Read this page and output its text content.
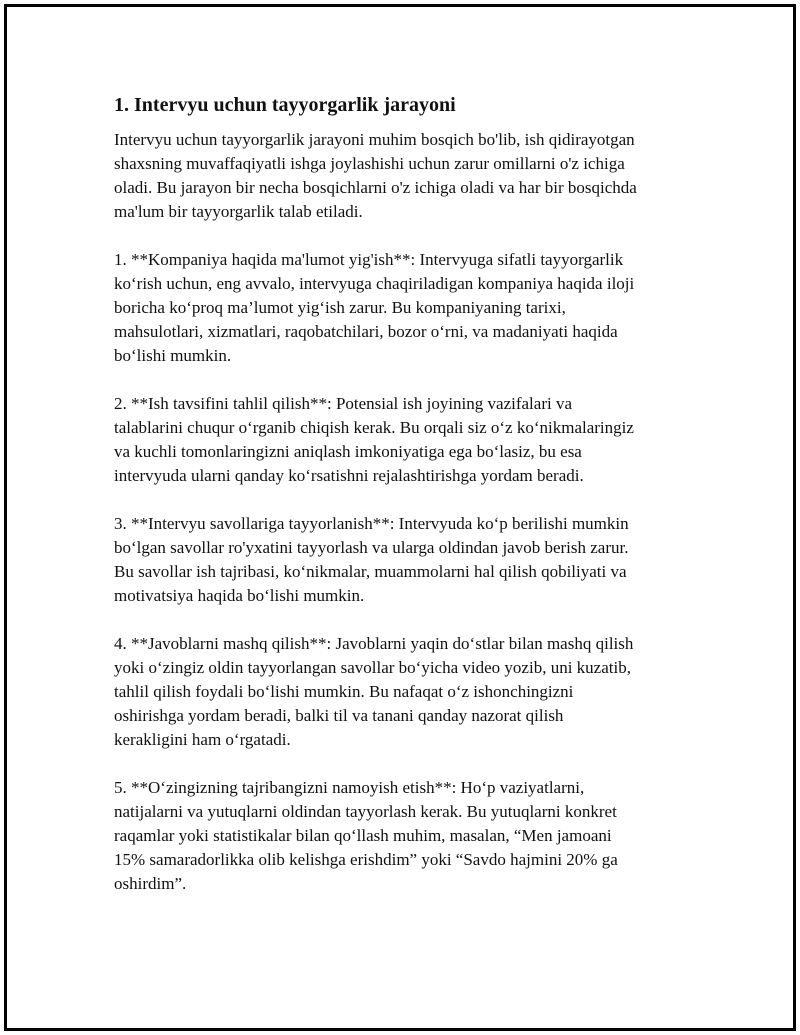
1. Intervyu uchun tayyorgarlik jarayoni
Intervyu uchun tayyorgarlik jarayoni muhim bosqich bo'lib, ish qidirayotgan
shaxsning muvaffaqiyatli ishga joylashishi uchun zarur omillarni o'z ichiga
oladi. Bu jarayon bir necha bosqichlarni o'z ichiga oladi va har bir bosqichda
ma'lum bir tayyorgarlik talab etiladi.
1. **Kompaniya haqida ma'lumot yig'ish**: Intervyuga sifatli tayyorgarlik
ko‘rish uchun, eng avvalo, intervyuga chaqiriladigan kompaniya haqida iloji
boricha ko‘proq ma’lumot yig‘ish zarur. Bu kompaniyaning tarixi,
mahsulotlari, xizmatlari, raqobatchilari, bozor o‘rni, va madaniyati haqida
bo‘lishi mumkin.
2. **Ish tavsifini tahlil qilish**: Potensial ish joyining vazifalari va
talablarini chuqur o‘rganib chiqish kerak. Bu orqali siz o‘z ko‘nikmalaringiz
va kuchli tomonlaringizni aniqlash imkoniyatiga ega bo‘lasiz, bu esa
intervyuda ularni qanday ko‘rsatishni rejalashtirishga yordam beradi.
3. **Intervyu savollariga tayyorlanish**: Intervyuda ko‘p berilishi mumkin
bo‘lgan savollar ro'yxatini tayyorlash va ularga oldindan javob berish zarur.
Bu savollar ish tajribasi, ko‘nikmalar, muammolarni hal qilish qobiliyati va
motivatsiya haqida bo‘lishi mumkin.
4. **Javoblarni mashq qilish**: Javoblarni yaqin do‘stlar bilan mashq qilish
yoki o‘zingiz oldin tayyorlangan savollar bo‘yicha video yozib, uni kuzatib,
tahlil qilish foydali bo‘lishi mumkin. Bu nafaqat o‘z ishonchingizni
oshirishga yordam beradi, balki til va tanani qanday nazorat qilish
kerakligini ham o‘rgatadi.
5. **O‘zingizning tajribangizni namoyish etish**: Ho‘p vaziyatlarni,
natijalarni va yutuqlarni oldindan tayyorlash kerak. Bu yutuqlarni konkret
raqamlar yoki statistikalar bilan qo‘llash muhim, masalan, “Men jamoani
15% samaradorlikka olib kelishga erishdim” yoki “Savdo hajmini 20% ga
oshirdim”.
